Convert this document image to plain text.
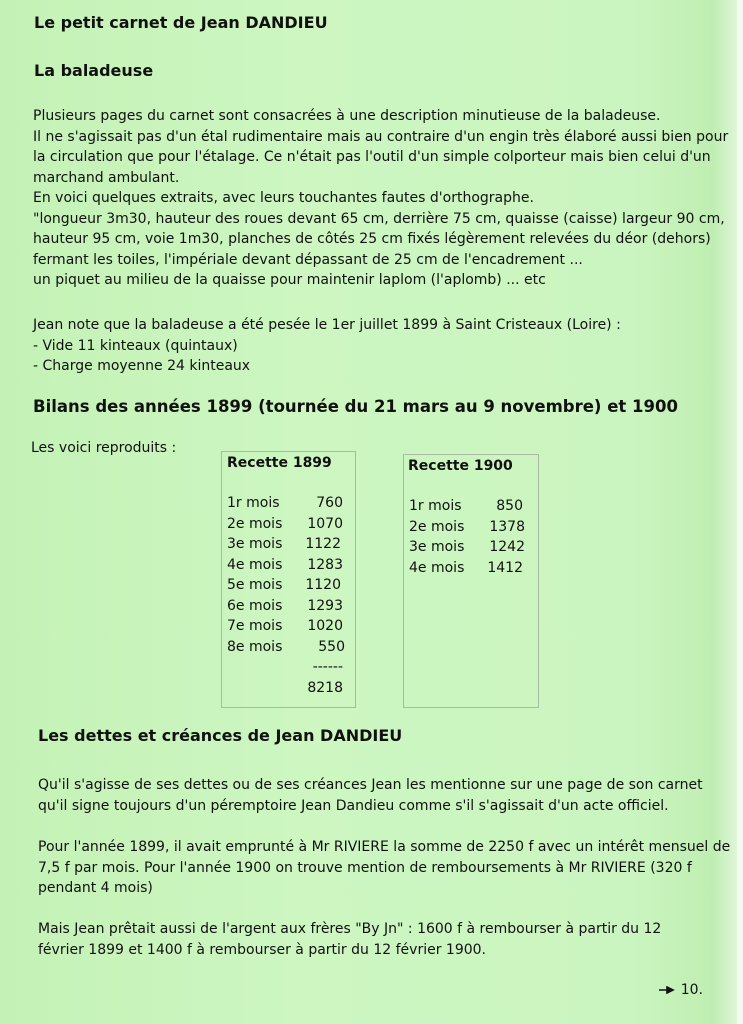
Le petit carnet de Jean DANDIEU
La baladeuse
Plusieurs pages du carnet sont consacrées à une description minutieuse de la baladeuse.
Il ne s'agissait pas d'un étal rudimentaire mais au contraire d'un engin très élaboré aussi bien pour
la circulation que pour l'étalage. Ce n'était pas l'outil d'un simple colporteur mais bien celui d'un
marchand ambulant.
En voici quelques extraits, avec leurs touchantes fautes d'orthographe.
"longueur 3m30, hauteur des roues devant 65 cm, derrière 75 cm, quaisse (caisse) largeur 90 cm,
hauteur 95 cm, voie 1m30, planches de côtés 25 cm fixés légèrement relevées du déor (dehors)
fermant les toiles, l'impériale devant dépassant de 25 cm de l'encadrement ...
un piquet au milieu de la quaisse pour maintenir laplom (l'aplomb) ... etc
Jean note que la baladeuse a été pesée le 1er juillet 1899 à Saint Cristeaux (Loire) :
- Vide 11 kinteaux (quintaux)
- Charge moyenne 24 kinteaux
Bilans des années 1899 (tournée du 21 mars au 9 novembre) et 1900
Les voici reproduits :
Recette 1899
1r mois	760
2e mois 1070
3e mois 1122
4e mois 1283
5e mois 1120
6e mois 1293
7e mois 1020
8e mois	550
------
8218
Recette 1900
1r mois 850
2e mois 1378
3e mois 1242
4e mois 1412
Les dettes et créances de Jean DANDIEU
Qu'il s'agisse de ses dettes ou de ses créances Jean les mentionne sur une page de son carnet
qu'il signe toujours d'un péremptoire Jean Dandieu comme s'il s'agissait d'un acte officiel.
Pour l'année 1899, il avait emprunté à Mr RIVIERE la somme de 2250 f avec un intérêt mensuel de
7,5 f par mois. Pour l'année 1900 on trouve mention de remboursements à Mr RIVIERE (320 f
pendant 4 mois)
Mais Jean prêtait aussi de l'argent aux frères "By Jn" : 1600 f à rembourser à partir du 12
février 1899 et 1400 f à rembourser à partir du 12 février 1900.
10.
